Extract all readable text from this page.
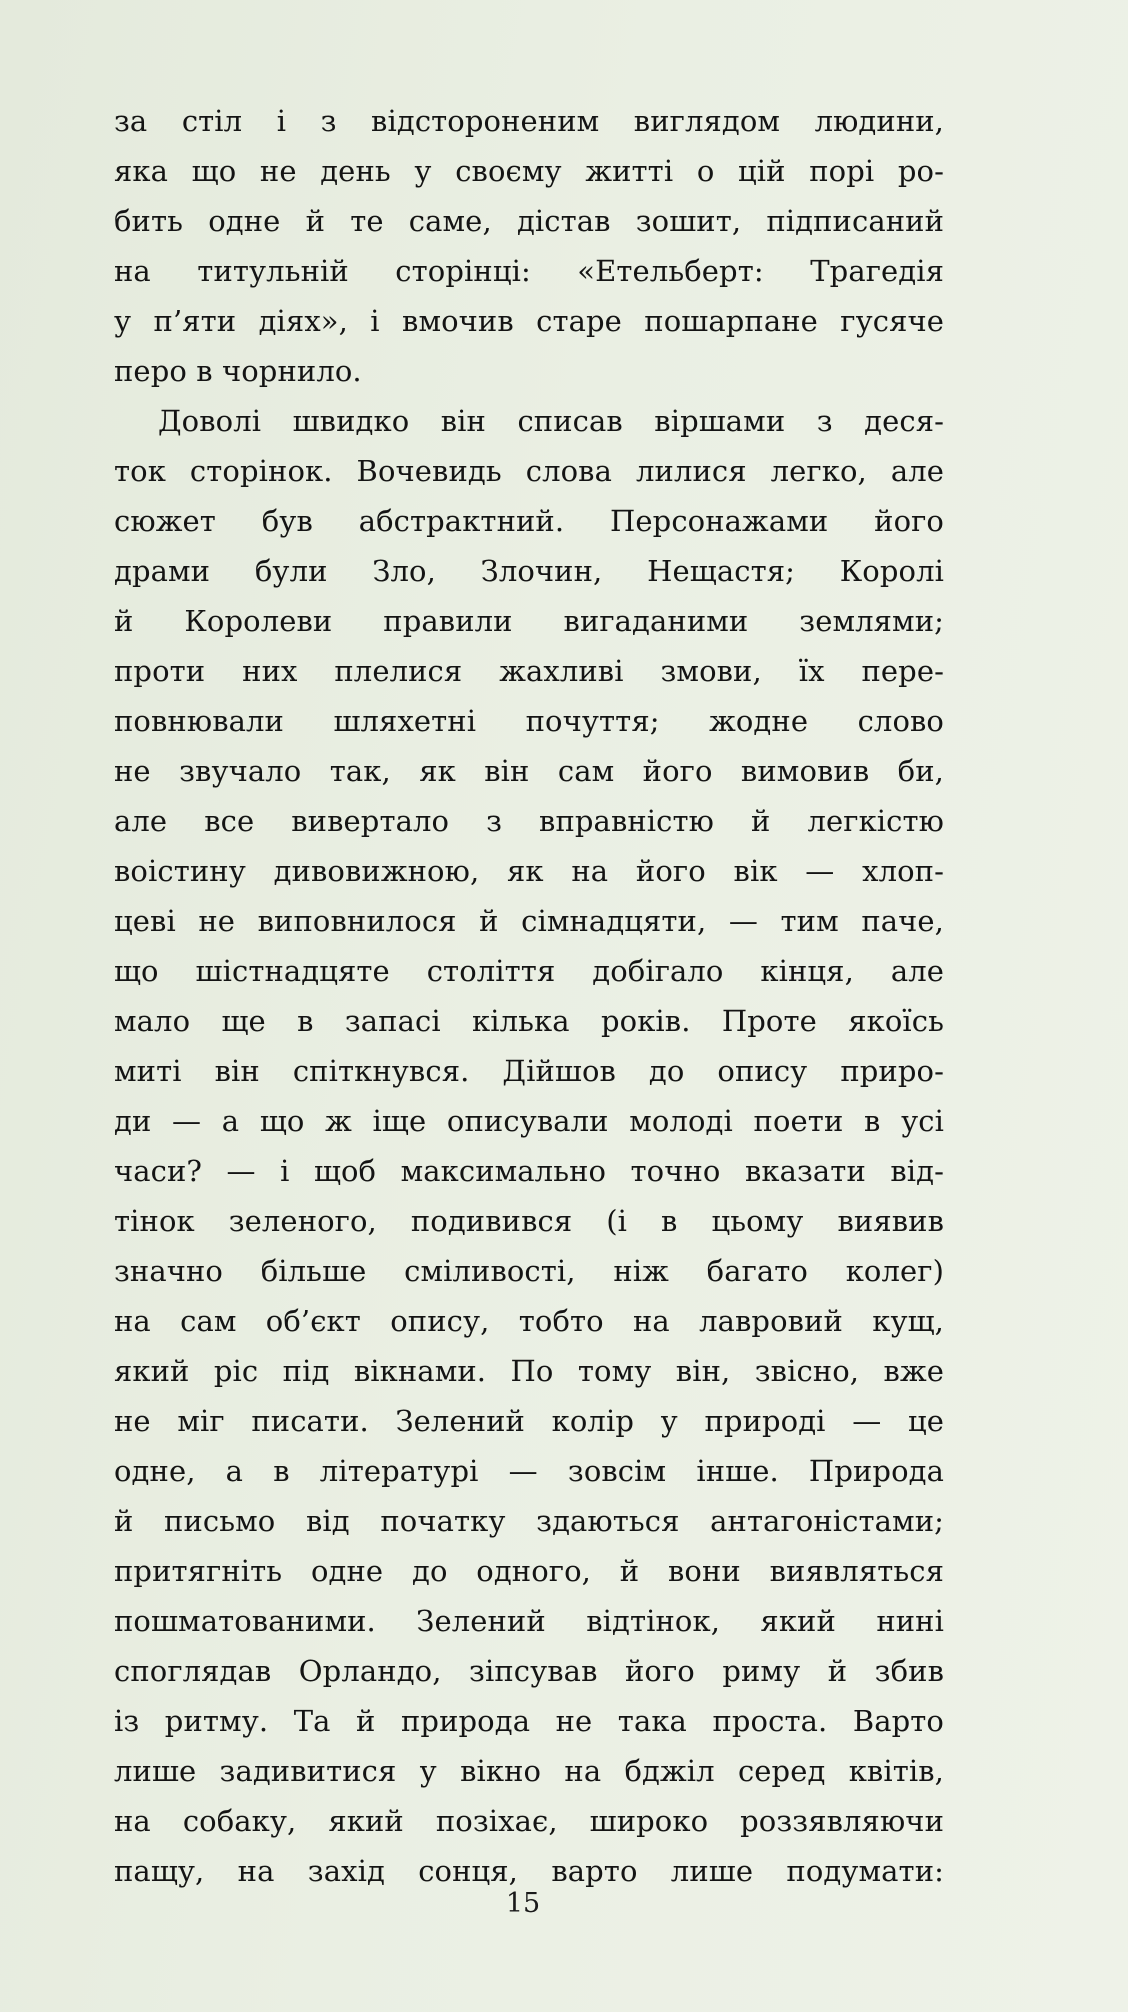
за стіл і з відстороненим виглядом людини,
яка що не день у своєму житті о цій порі ро-
бить одне й те саме, дістав зошит, підписаний
на титульній сторінці: «Етельберт: Трагедія
у п’яти діях», і вмочив старе пошарпане гусяче
перо в чорнило.
Доволі швидко він списав віршами з деся-
ток сторінок. Вочевидь слова лилися легко, але
сюжет був абстрактний. Персонажами його
драми були Зло, Злочин, Нещастя; Королі
й Королеви правили вигаданими землями;
проти них плелися жахливі змови, їх пере-
повнювали шляхетні почуття; жодне слово
не звучало так, як він сам його вимовив би,
але все вивертало з вправністю й легкістю
воістину дивовижною, як на його вік — хлоп-
цеві не виповнилося й сімнадцяти, — тим паче,
що шістнадцяте століття добігало кінця, але
мало ще в запасі кілька років. Проте якоїсь
миті він спіткнувся. Дійшов до опису приро-
ди — а що ж іще описували молоді поети в усі
часи? — і щоб максимально точно вказати від-
тінок зеленого, подивився (і в цьому виявив
значно більше сміливості, ніж багато колег)
на сам об’єкт опису, тобто на лавровий кущ,
який ріс під вікнами. По тому він, звісно, вже
не міг писати. Зелений колір у природі — це
одне, а в літературі — зовсім інше. Природа
й письмо від початку здаються антагоністами;
притягніть одне до одного, й вони виявляться
пошматованими. Зелений відтінок, який нині
споглядав Орландо, зіпсував його риму й збив
із ритму. Та й природа не така проста. Варто
лише задивитися у вікно на бджіл серед квітів,
на собаку, який позіхає, широко роззявляючи
пащу, на захід сонця, варто лише подумати:
15
